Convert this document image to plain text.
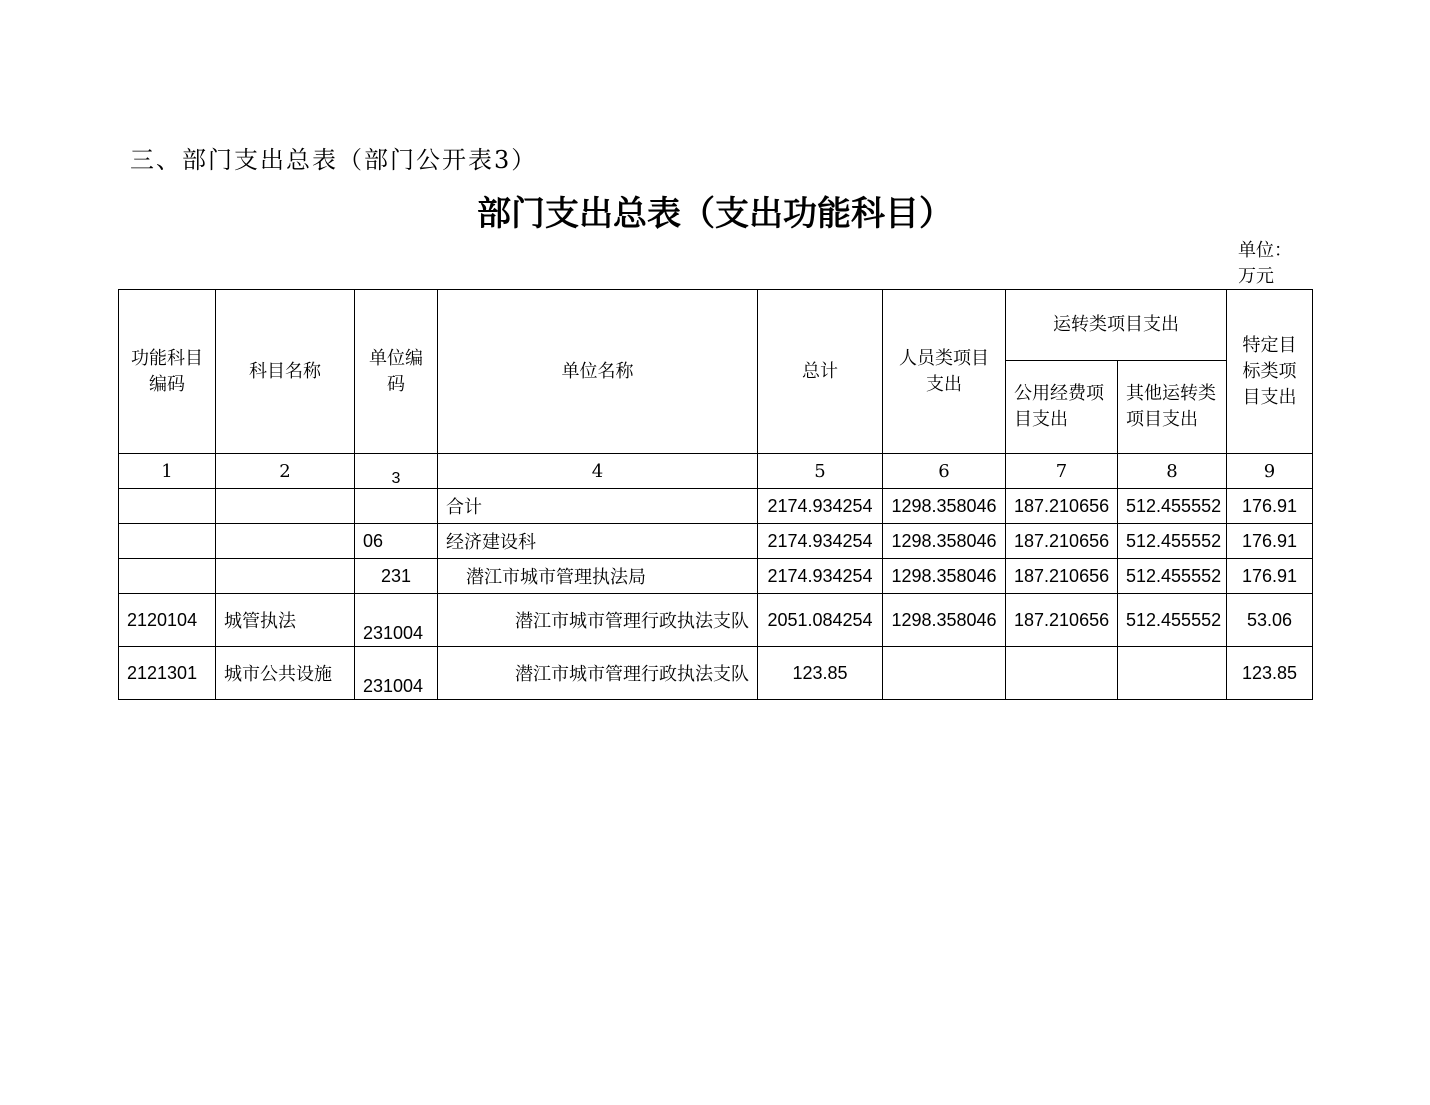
三、部门支出总表（部门公开表3）
部门支出总表（支出功能科目）
单位：
万元
功能科目编码	科目名称	单位编码	单位名称	总计	人员类项目支出	运转类项目支出		特定目标类项目支出
						公用经费项目支出	其他运转类项目支出	
1	2	3	4	5	6	7	8	9
			合计	2174.934254	1298.358046	187.210656	512.455552	176.91
		06	经济建设科	2174.934254	1298.358046	187.210656	512.455552	176.91
		231	潜江市城市管理执法局	2174.934254	1298.358046	187.210656	512.455552	176.91
2120104	城管执法	231004	潜江市城市管理行政执法支队	2051.084254	1298.358046	187.210656	512.455552	53.06
2121301	城市公共设施	231004	潜江市城市管理行政执法支队	123.85				123.85
